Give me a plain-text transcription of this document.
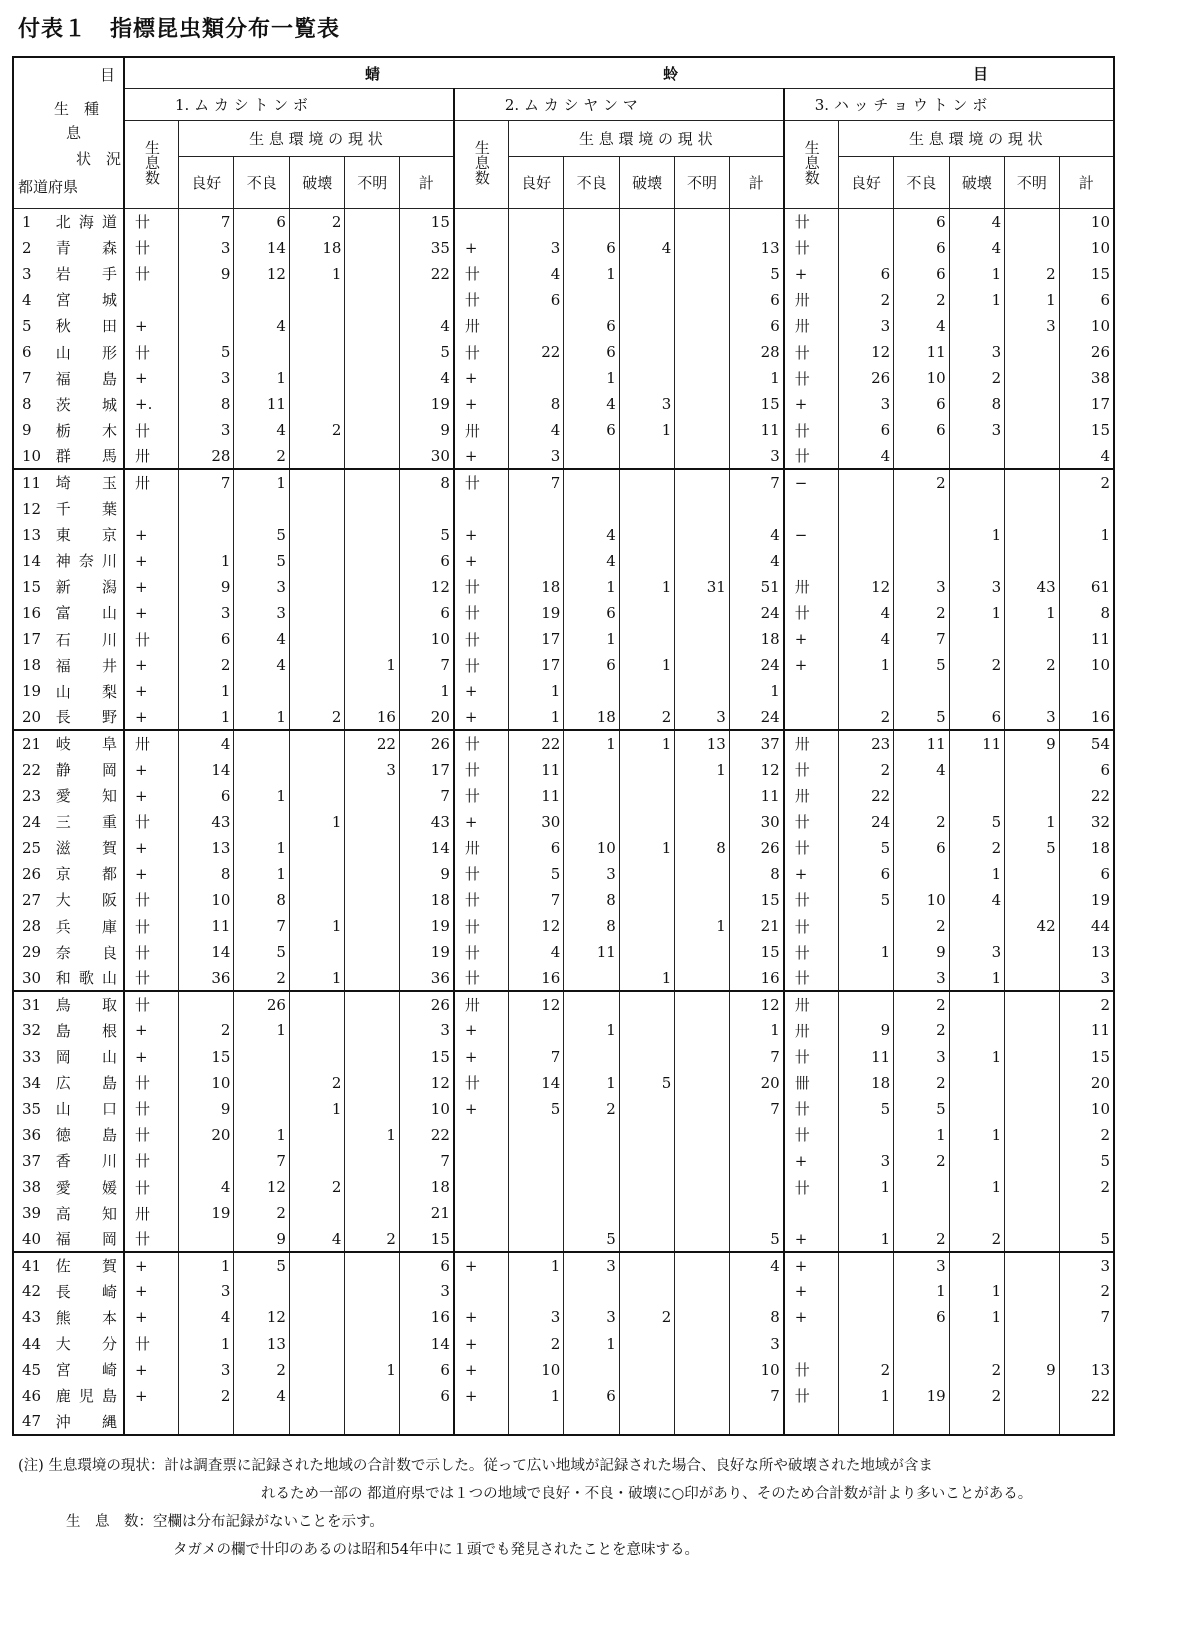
付表１　指標昆虫類分布一覧表
目
生　種
息
状　況
都道府県		蜻 蛉 目																	

		1. ム カ シ ト ン ボ						2. ム カ シ ヤ ン マ						3. ハ ッ チ ョ ウ ト ン ボ					
		生息数	生 息 環 境 の 現 状					生息数	生 息 環 境 の 現 状					生息数	生 息 環 境 の 現 状				
			良好	不良	破壊	不明	計		良好	不良	破壊	不明	計		良好	不良	破壊	不明	計
1	北海道	卄	7	6	2		15							卄		6	4		10
2	青　森	卄	3	14	18		35	+	3	6	4		13	卄		6	4		10
3	岩　手	卄	9	12	1		22	卄	4	1			5	+	6	6	1	2	15
4	宮　城							卄	6				6	卅	2	2	1	1	6
5	秋　田	+		4			4	卅		6			6	卅	3	4		3	10
6	山　形	卄	5				5	卄	22	6			28	卄	12	11	3		26
7	福　島	+	3	1			4	+		1			1	卄	26	10	2		38
8	茨　城	+.	8	11			19	+	8	4	3		15	+	3	6	8		17
9	栃　木	卄	3	4	2		9	卅	4	6	1		11	卄	6	6	3		15
10	群　馬	卅	28	2			30	+	3				3	卄	4				4
11	埼　玉	卅	7	1			8	卄	7				7	−		2			2
12	千　葉																		
13	東　京	+		5			5	+		4			4	−			1		1
14	神奈川	+	1	5			6	+		4			4						
15	新　潟	+	9	3			12	卄	18	1	1	31	51	卅	12	3	3	43	61
16	富　山	+	3	3			6	卄	19	6			24	卄	4	2	1	1	8
17	石　川	卄	6	4			10	卄	17	1			18	+	4	7			11
18	福　井	+	2	4		1	7	卄	17	6	1		24	+	1	5	2	2	10
19	山　梨	+	1				1	+	1				1						
20	長　野	+	1	1	2	16	20	+	1	18	2	3	24		2	5	6	3	16
21	岐　阜	卅	4			22	26	卄	22	1	1	13	37	卅	23	11	11	9	54
22	静　岡	+	14			3	17	卄	11			1	12	卄	2	4			6
23	愛　知	+	6	1			7	卄	11				11	卅	22				22
24	三　重	卄	43		1		43	+	30				30	卄	24	2	5	1	32
25	滋　賀	+	13	1			14	卅	6	10	1	8	26	卄	5	6	2	5	18
26	京　都	+	8	1			9	卄	5	3			8	+	6		1		6
27	大　阪	卄	10	8			18	卄	7	8			15	卄	5	10	4		19
28	兵　庫	卄	11	7	1		19	卄	12	8		1	21	卄		2		42	44
29	奈　良	卄	14	5			19	卄	4	11			15	卄	1	9	3		13
30	和歌山	卄	36	2	1		36	卄	16		1		16	卄		3	1		3
31	鳥　取	卄		26			26	卅	12				12	卅		2			2
32	島　根	+	2	1			3	+		1			1	卅	9	2			11
33	岡　山	+	15				15	+	7				7	卄	11	3	1		15
34	広　島	卄	10		2		12	卄	14	1	5		20	卌	18	2			20
35	山　口	卄	9		1		10	+	5	2			7	卄	5	5			10
36	徳　島	卄	20	1		1	22							卄		1	1		2
37	香　川	卄		7			7							+	3	2			5
38	愛　媛	卄	4	12	2		18							卄	1		1		2
39	高　知	卅	19	2			21												
40	福　岡	卄		9	4	2	15			5			5	+	1	2	2		5
41	佐　賀	+	1	5			6	+	1	3			4	+		3			3
42	長　崎	+	3				3							+		1	1		2
43	熊　本	+	4	12			16	+	3	3	2		8	+		6	1		7
44	大　分	卄	1	13			14	+	2	1			3						
45	宮　崎	+	3	2		1	6	+	10				10	卄	2		2	9	13
46	鹿児島	+	2	4			6	+	1	6			7	卄	1	19	2		22
47	沖　縄																		
(注) 生息環境の現状：計は調査票に記録された地域の合計数で示した。従って広い地域が記録された場合、良好な所や破壊された地域が含ま
れるため一部の 都道府県では１つの地域で良好・不良・破壊に○印があり、そのため合計数が計より多いことがある。
生　息　数：空欄は分布記録がないことを示す。
タガメの欄で卄印のあるのは昭和54年中に１頭でも発見されたことを意味する。
